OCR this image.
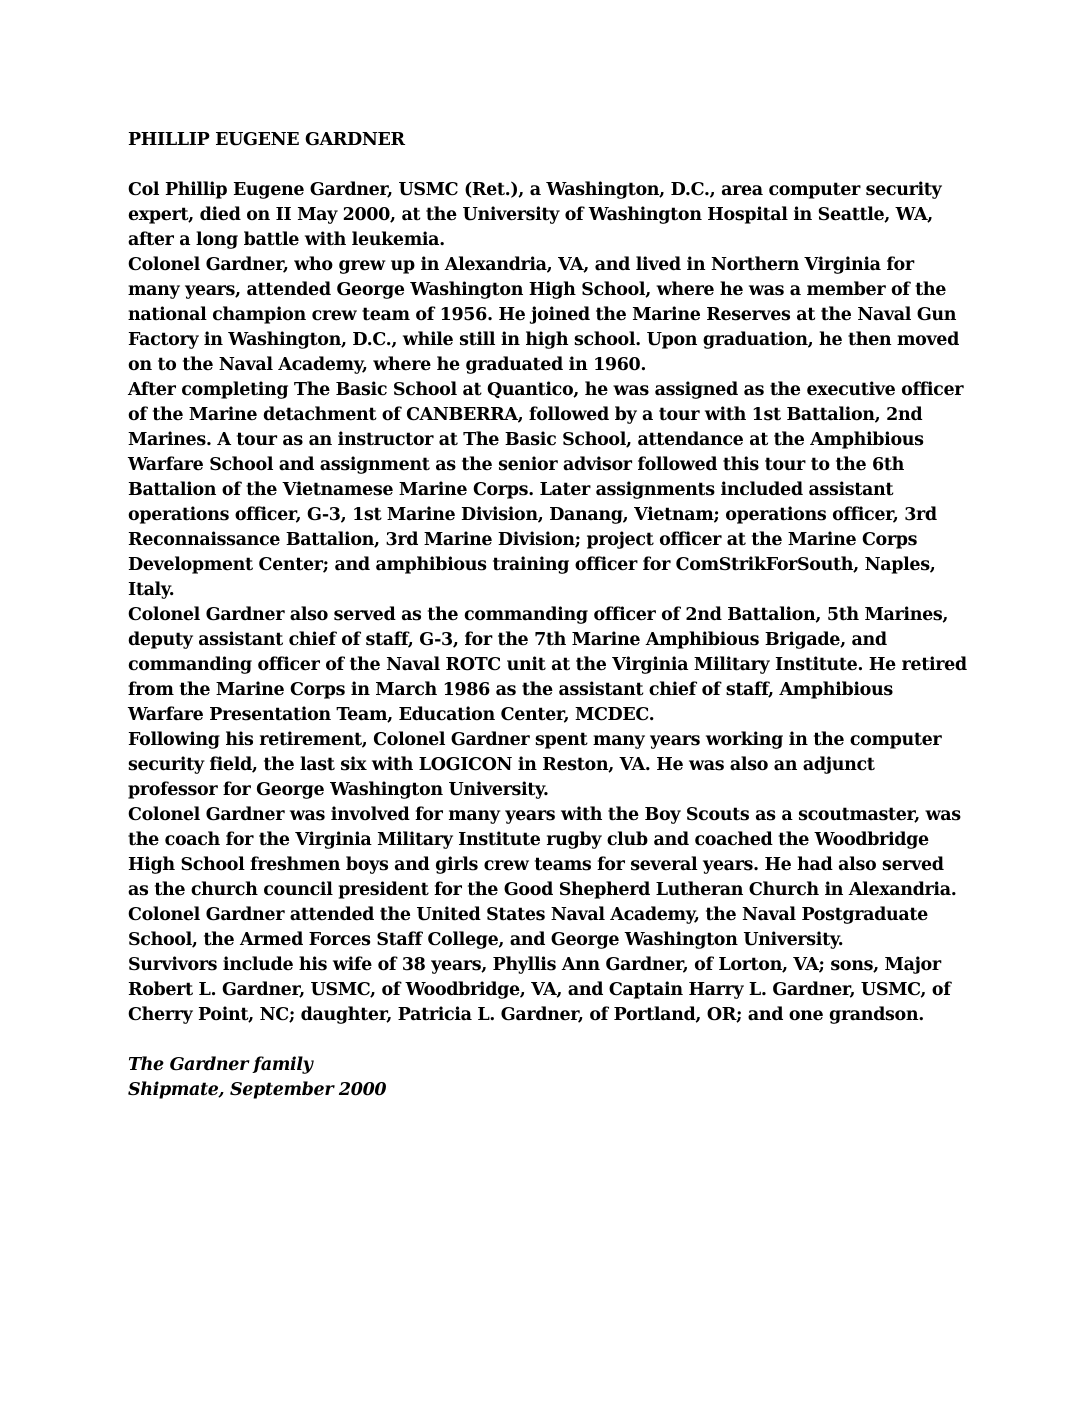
PHILLIP EUGENE GARDNER

Col Phillip Eugene Gardner, USMC (Ret.), a Washington, D.C., area computer security expert, died on II May 2000, at the University of Washington Hospital in Seattle, WA, after a long battle with leukemia.

Colonel Gardner, who grew up in Alexandria, VA, and lived in Northern Virginia for many years, attended George Washington High School, where he was a member of the national champion crew team of 1956. He joined the Marine Reserves at the Naval Gun Factory in Washington, D.C., while still in high school. Upon graduation, he then moved on to the Naval Academy, where he graduated in 1960.

After completing The Basic School at Quantico, he was assigned as the executive officer of the Marine detachment of CANBERRA, followed by a tour with 1st Battalion, 2nd Marines. A tour as an instructor at The Basic School, attendance at the Amphibious Warfare School and assignment as the senior advisor followed this tour to the 6th Battalion of the Vietnamese Marine Corps. Later assignments included assistant operations officer, G-3, 1st Marine Division, Danang, Vietnam; operations officer, 3rd Reconnaissance Battalion, 3rd Marine Division; project officer at the Marine Corps Development Center; and amphibious training officer for ComStrikForSouth, Naples, Italy.

Colonel Gardner also served as the commanding officer of 2nd Battalion, 5th Marines, deputy assistant chief of staff, G-3, for the 7th Marine Amphibious Brigade, and commanding officer of the Naval ROTC unit at the Virginia Military Institute. He retired from the Marine Corps in March 1986 as the assistant chief of staff, Amphibious Warfare Presentation Team, Education Center, MCDEC.

Following his retirement, Colonel Gardner spent many years working in the computer security field, the last six with LOGICON in Reston, VA. He was also an adjunct professor for George Washington University.

Colonel Gardner was involved for many years with the Boy Scouts as a scoutmaster, was the coach for the Virginia Military Institute rugby club and coached the Woodbridge High School freshmen boys and girls crew teams for several years. He had also served as the church council president for the Good Shepherd Lutheran Church in Alexandria.

Colonel Gardner attended the United States Naval Academy, the Naval Postgraduate School, the Armed Forces Staff College, and George Washington University.

Survivors include his wife of 38 years, Phyllis Ann Gardner, of Lorton, VA; sons, Major Robert L. Gardner, USMC, of Woodbridge, VA, and Captain Harry L. Gardner, USMC, of Cherry Point, NC; daughter, Patricia L. Gardner, of Portland, OR; and one grandson.

The Gardner family
Shipmate, September 2000
